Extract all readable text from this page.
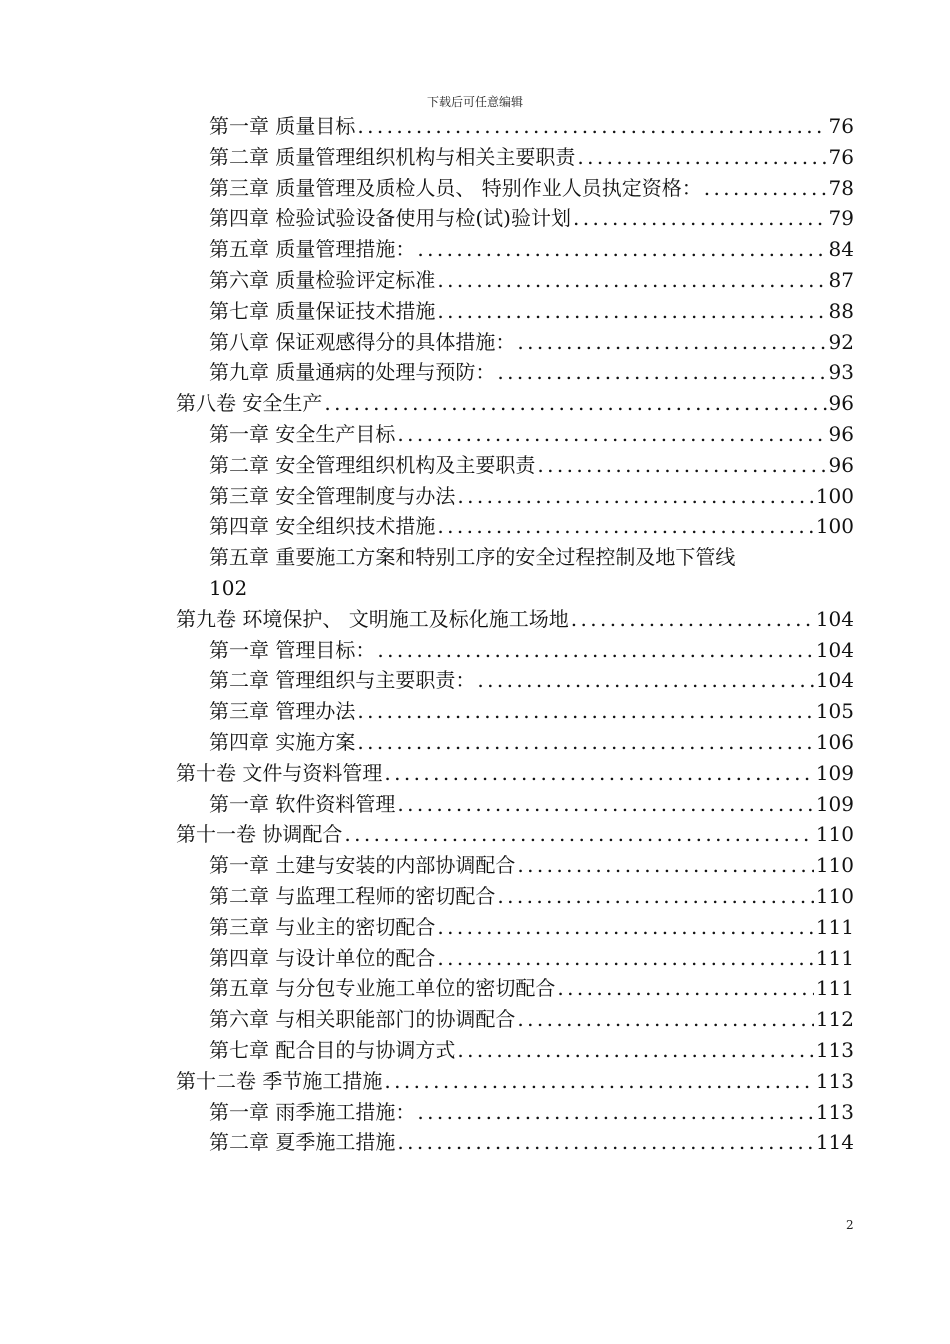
下载后可任意编辑
第一章 质量目标 .....	76
第二章 质量管理组织机构与相关主要职责 .....	76
第三章 质量管理及质检人员、 特别作业人员执定资格： .....	78
第四章 检验试验设备使用与检(试)验计划 .....	79
第五章 质量管理措施： .....	84
第六章 质量检验评定标准 .....	87
第七章 质量保证技术措施 .....	88
第八章 保证观感得分的具体措施： .....	92
第九章 质量通病的处理与预防： .....	93
第八卷 安全生产 .....	96
第一章 安全生产目标 .....	96
第二章 安全管理组织机构及主要职责 .....	96
第三章 安全管理制度与办法 .....	100
第四章 安全组织技术措施 .....	100
第五章 重要施工方案和特别工序的安全过程控制及地下管线
102
第九卷 环境保护、 文明施工及标化施工场地 .....	104
第一章 管理目标： .....	104
第二章 管理组织与主要职责： .....	104
第三章 管理办法 .....	105
第四章 实施方案 .....	106
第十卷 文件与资料管理 .....	109
第一章 软件资料管理 .....	109
第十一卷 协调配合 .....	110
第一章 土建与安装的内部协调配合 .....	110
第二章 与监理工程师的密切配合 .....	110
第三章 与业主的密切配合 .....	111
第四章 与设计单位的配合 .....	111
第五章 与分包专业施工单位的密切配合 .....	111
第六章 与相关职能部门的协调配合 .....	112
第七章 配合目的与协调方式 .....	113
第十二卷 季节施工措施 .....	113
第一章 雨季施工措施： .....	113
第二章 夏季施工措施 .....	114
2
